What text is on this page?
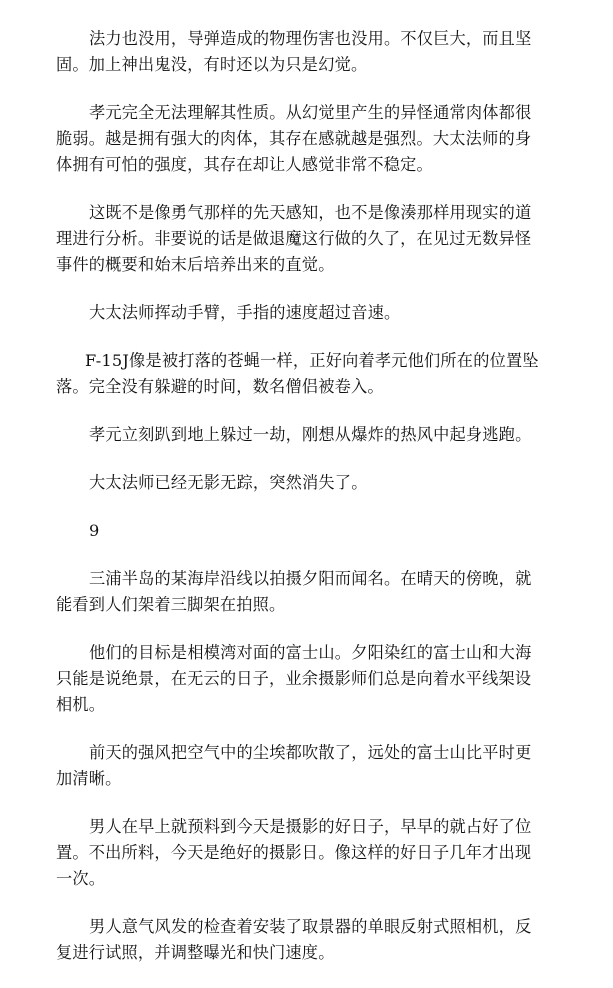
法力也没用，导弹造成的物理伤害也没用。不仅巨大，而且坚
固。加上神出鬼没，有时还以为只是幻觉。

孝元完全无法理解其性质。从幻觉里产生的异怪通常肉体都很
脆弱。越是拥有强大的肉体，其存在感就越是强烈。大太法师的身
体拥有可怕的强度，其存在却让人感觉非常不稳定。

这既不是像勇气那样的先天感知，也不是像湊那样用现实的道
理进行分析。非要说的话是做退魔这行做的久了，在见过无数异怪
事件的概要和始末后培养出来的直觉。

大太法师挥动手臂，手指的速度超过音速。

F-15J像是被打落的苍蝇一样，正好向着孝元他们所在的位置坠
落。完全没有躲避的时间，数名僧侣被卷入。

孝元立刻趴到地上躲过一劫，刚想从爆炸的热风中起身逃跑。

大太法师已经无影无踪，突然消失了。

9

三浦半岛的某海岸沿线以拍摄夕阳而闻名。在晴天的傍晚，就
能看到人们架着三脚架在拍照。

他们的目标是相模湾对面的富士山。夕阳染红的富士山和大海
只能是说绝景，在无云的日子，业余摄影师们总是向着水平线架设
相机。

前天的强风把空气中的尘埃都吹散了，远处的富士山比平时更
加清晰。

男人在早上就预料到今天是摄影的好日子，早早的就占好了位
置。不出所料，今天是绝好的摄影日。像这样的好日子几年才出现
一次。

男人意气风发的检查着安装了取景器的单眼反射式照相机，反
复进行试照，并调整曝光和快门速度。
